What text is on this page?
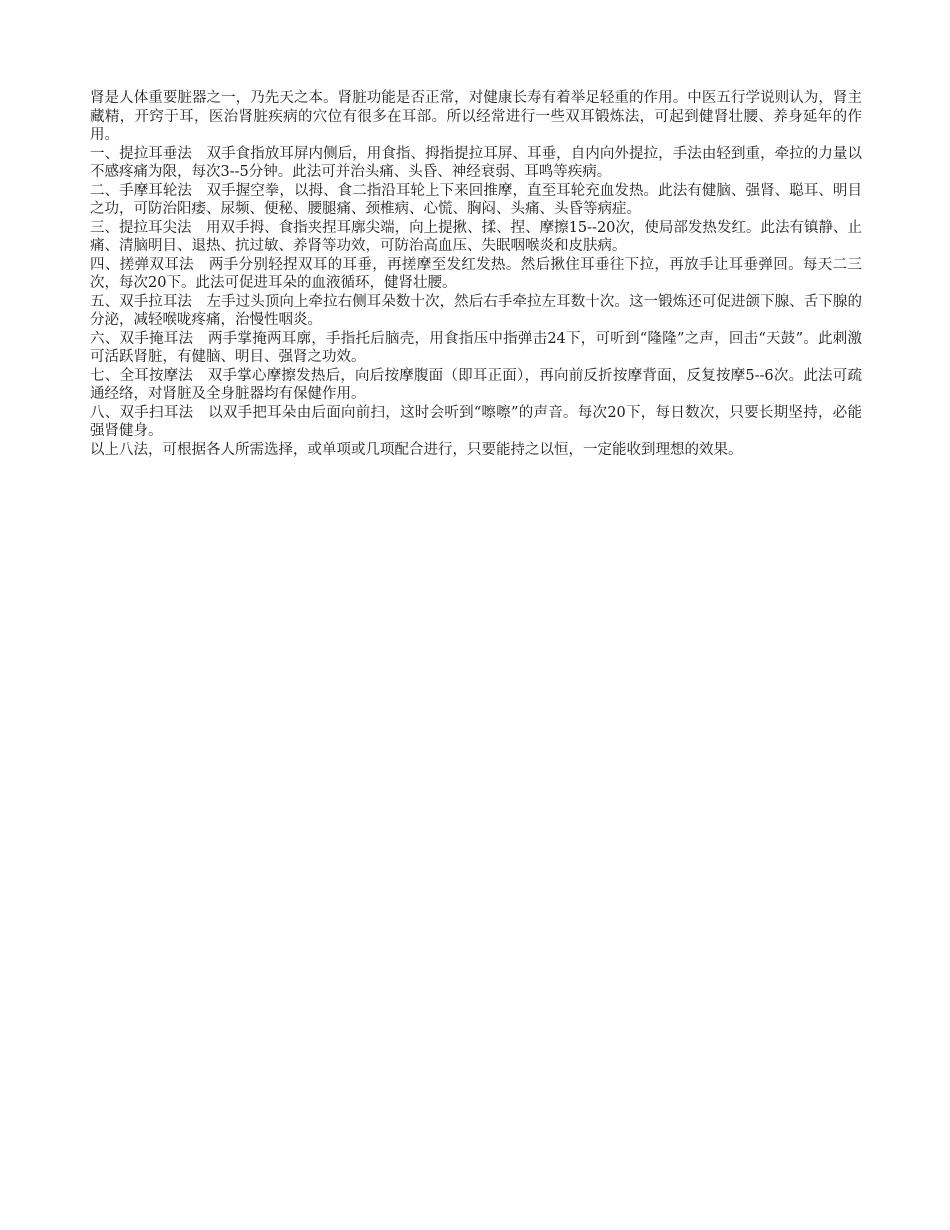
肾是人体重要脏器之一，乃先天之本。肾脏功能是否正常，对健康长寿有着举足轻重的作用。中医五行学说则认为，肾主藏精，开窍于耳，医治肾脏疾病的穴位有很多在耳部。所以经常进行一些双耳锻炼法，可起到健肾壮腰、养身延年的作用。

一、提拉耳垂法　双手食指放耳屏内侧后，用食指、拇指提拉耳屏、耳垂，自内向外提拉，手法由轻到重，牵拉的力量以不感疼痛为限，每次3--5分钟。此法可并治头痛、头昏、神经衰弱、耳鸣等疾病。

二、手摩耳轮法　双手握空拳，以拇、食二指沿耳轮上下来回推摩，直至耳轮充血发热。此法有健脑、强肾、聪耳、明目之功，可防治阳痿、尿频、便秘、腰腿痛、颈椎病、心慌、胸闷、头痛、头昏等病症。

三、提拉耳尖法　用双手拇、食指夹捏耳廓尖端，向上提揪、揉、捏、摩擦15--20次，使局部发热发红。此法有镇静、止痛、清脑明目、退热、抗过敏、养肾等功效，可防治高血压、失眠咽喉炎和皮肤病。

四、搓弹双耳法　两手分别轻捏双耳的耳垂，再搓摩至发红发热。然后揪住耳垂往下拉，再放手让耳垂弹回。每天二三次，每次20下。此法可促进耳朵的血液循环，健肾壮腰。

五、双手拉耳法　左手过头顶向上牵拉右侧耳朵数十次，然后右手牵拉左耳数十次。这一锻炼还可促进颌下腺、舌下腺的分泌，减轻喉咙疼痛，治慢性咽炎。

六、双手掩耳法　两手掌掩两耳廓，手指托后脑壳，用食指压中指弹击24下，可听到“隆隆”之声，回击“天鼓”。此刺激可活跃肾脏，有健脑、明目、强肾之功效。

七、全耳按摩法　双手掌心摩擦发热后，向后按摩腹面（即耳正面），再向前反折按摩背面，反复按摩5--6次。此法可疏通经络，对肾脏及全身脏器均有保健作用。

八、双手扫耳法　以双手把耳朵由后面向前扫，这时会听到“嚓嚓”的声音。每次20下，每日数次，只要长期坚持，必能强肾健身。

以上八法，可根据各人所需选择，或单项或几项配合进行，只要能持之以恒，一定能收到理想的效果。
